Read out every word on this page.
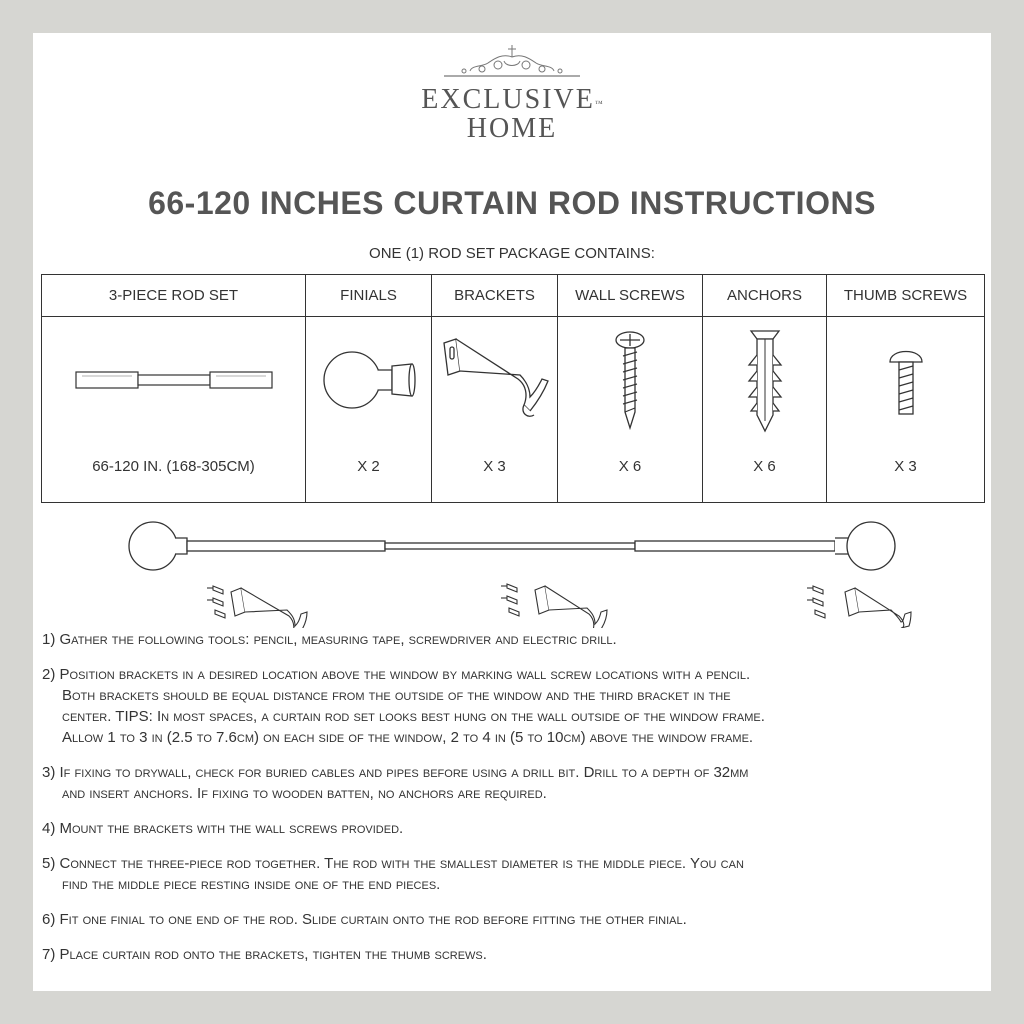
EXCLUSIVE™
HOME
66-120 INCHES CURTAIN ROD INSTRUCTIONS
ONE (1) ROD SET PACKAGE CONTAINS:
3-PIECE ROD SET	FINIALS	BRACKETS	WALL SCREWS	ANCHORS	THUMB SCREWS

66-120 IN. (168-305CM)	X 2	X 3	X 6	X 6	X 3
1) Gather the following tools: pencil, measuring tape, screwdriver and electric drill.
2) Position brackets in a desired location above the window by marking wall screw locations with a pencil.
Both brackets should be equal distance from the outside of the window and the third bracket in the
center. TIPS: In most spaces, a curtain rod set looks best hung on the wall outside of the window frame.
Allow 1 to 3 in (2.5 to 7.6cm) on each side of the window, 2 to 4 in (5 to 10cm) above the window frame.
3) If fixing to drywall, check for buried cables and pipes before using a drill bit. Drill to a depth of 32mm
and insert anchors. If fixing to wooden batten, no anchors are required.
4) Mount the brackets with the wall screws provided.
5) Connect the three-piece rod together. The rod with the smallest diameter is the middle piece. You can
find the middle piece resting inside one of the end pieces.
6) Fit one finial to one end of the rod. Slide curtain onto the rod before fitting the other finial.
7) Place curtain rod onto the brackets, tighten the thumb screws.
